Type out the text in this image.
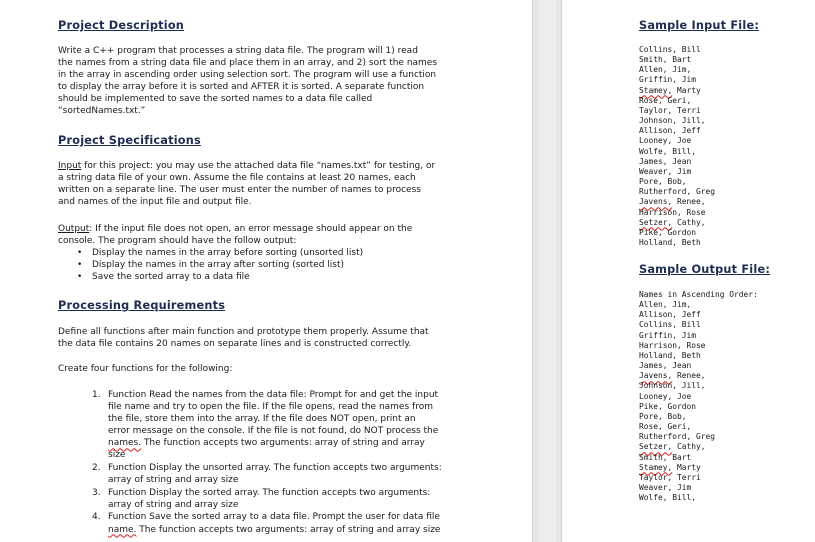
Project Description
Write a C++ program that processes a string data file. The program will 1) read
the names from a string data file and place them in an array, and 2) sort the names
in the array in ascending order using selection sort. The program will use a function
to display the array before it is sorted and AFTER it is sorted. A separate function
should be implemented to save the sorted names to a data file called
“sortedNames.txt.”
Project Specifications
Input for this project: you may use the attached data file “names.txt” for testing, or
a string data file of your own. Assume the file contains at least 20 names, each
written on a separate line. The user must enter the number of names to process
and names of the input file and output file.
Output: If the input file does not open, an error message should appear on the
console. The program should have the follow output:
• Display the names in the array before sorting (unsorted list)
• Display the names in the array after sorting (sorted list)
• Save the sorted array to a data file
Processing Requirements
Define all functions after main function and prototype them properly. Assume that
the data file contains 20 names on separate lines and is constructed correctly.
Create four functions for the following:
1. Function Read the names from the data file: Prompt for and get the input
file name and try to open the file. If the file opens, read the names from
the file, store them into the array. If the file does NOT open, print an
error message on the console. If the file is not found, do NOT process the
names. The function accepts two arguments: array of string and array
size
2. Function Display the unsorted array. The function accepts two arguments:
array of string and array size
3. Function Display the sorted array. The function accepts two arguments:
array of string and array size
4. Function Save the sorted array to a data file. Prompt the user for data file
name. The function accepts two arguments: array of string and array size
Sample Input File:
Collins, Bill
Smith, Bart
Allen, Jim,
Griffin, Jim
Stamey, Marty
Rose, Geri,
Taylor, Terri
Johnson, Jill,
Allison, Jeff
Looney, Joe
Wolfe, Bill,
James, Jean
Weaver, Jim
Pore, Bob,
Rutherford, Greg
Javens, Renee,
Harrison, Rose
Setzer, Cathy,
Pike, Gordon
Holland, Beth
Sample Output File:
Names in Ascending Order:
Allen, Jim,
Allison, Jeff
Collins, Bill
Griffin, Jim
Harrison, Rose
Holland, Beth
James, Jean
Javens, Renee,
Johnson, Jill,
Looney, Joe
Pike, Gordon
Pore, Bob,
Rose, Geri,
Rutherford, Greg
Setzer, Cathy,
Smith, Bart
Stamey, Marty
Taylor, Terri
Weaver, Jim
Wolfe, Bill,
